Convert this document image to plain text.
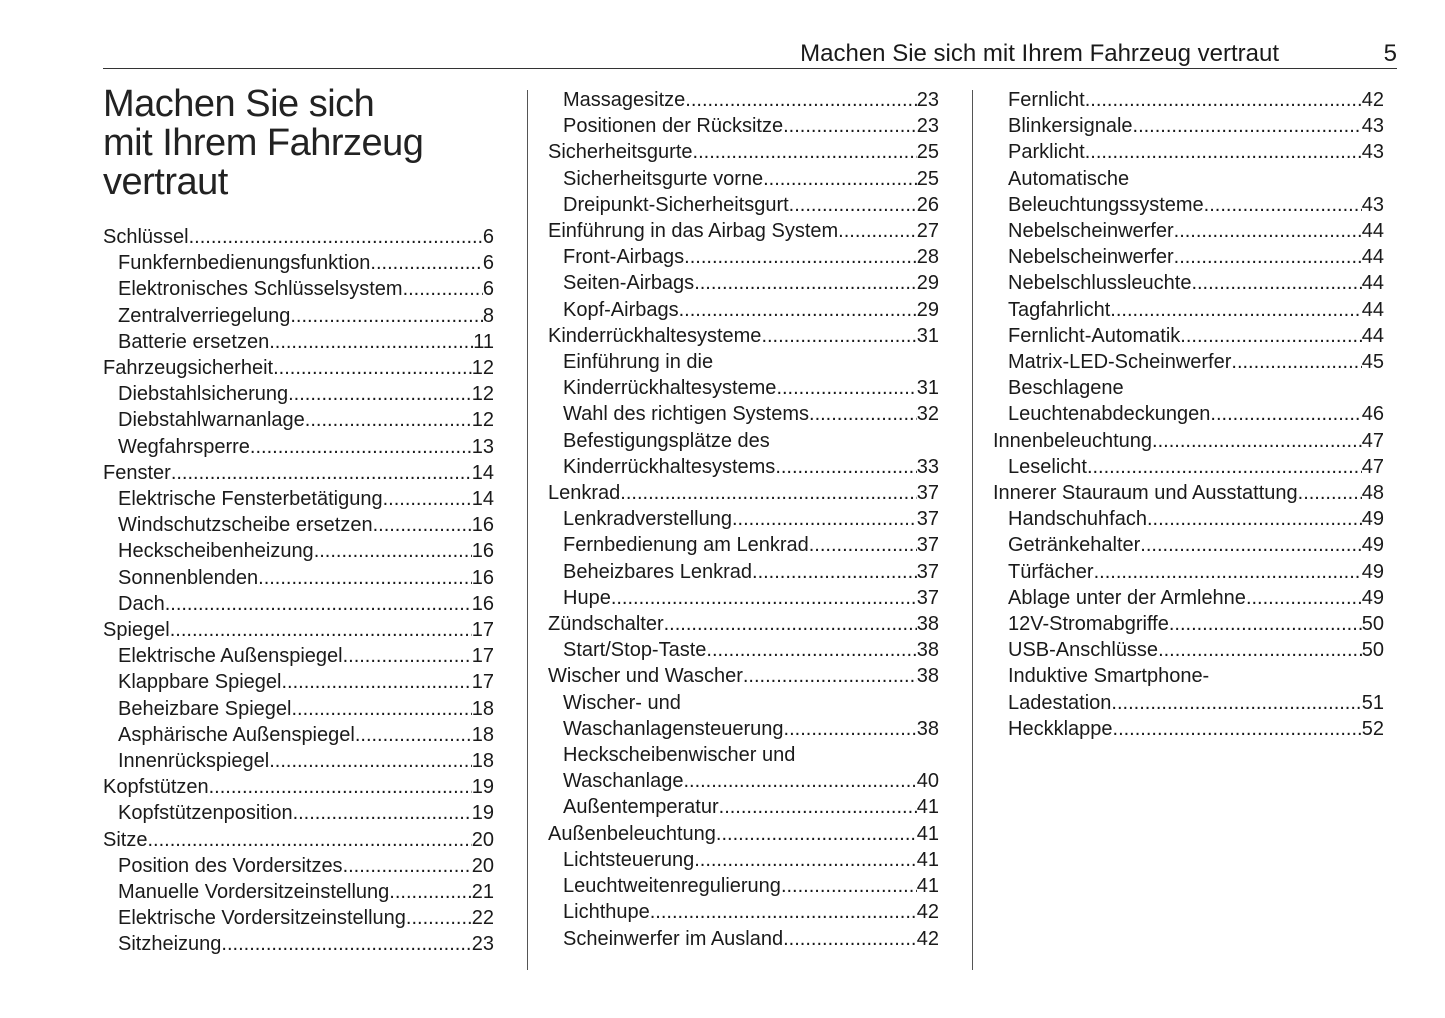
Machen Sie sich mit Ihrem Fahrzeug vertraut	5
Machen Sie sich
mit Ihrem Fahrzeug
vertraut
Schlüssel .....	6
Funkfernbedienungsfunktion .....	6
Elektronisches Schlüsselsystem .....	6
Zentralverriegelung .....	8
Batterie ersetzen .....	11
Fahrzeugsicherheit .....	12
Diebstahlsicherung .....	12
Diebstahlwarnanlage .....	12
Wegfahrsperre .....	13
Fenster .....	14
Elektrische Fensterbetätigung .....	14
Windschutzscheibe ersetzen .....	16
Heckscheibenheizung .....	16
Sonnenblenden .....	16
Dach .....	16
Spiegel .....	17
Elektrische Außenspiegel .....	17
Klappbare Spiegel .....	17
Beheizbare Spiegel .....	18
Asphärische Außenspiegel .....	18
Innenrückspiegel .....	18
Kopfstützen .....	19
Kopfstützenposition .....	19
Sitze .....	20
Position des Vordersitzes .....	20
Manuelle Vordersitzeinstellung .....	21
Elektrische Vordersitzeinstellung .....	22
Sitzheizung .....	23
Massagesitze .....	23
Positionen der Rücksitze .....	23
Sicherheitsgurte .....	25
Sicherheitsgurte vorne .....	25
Dreipunkt-Sicherheitsgurt .....	26
Einführung in das Airbag System .....	27
Front-Airbags .....	28
Seiten-Airbags .....	29
Kopf-Airbags .....	29
Kinderrückhaltesysteme .....	31
Einführung in die
Kinderrückhaltesysteme .....	31
Wahl des richtigen Systems .....	32
Befestigungsplätze des
Kinderrückhaltesystems .....	33
Lenkrad .....	37
Lenkradverstellung .....	37
Fernbedienung am Lenkrad .....	37
Beheizbares Lenkrad .....	37
Hupe .....	37
Zündschalter .....	38
Start/Stop-Taste .....	38
Wischer und Wascher .....	38
Wischer- und
Waschanlagensteuerung .....	38
Heckscheibenwischer und
Waschanlage .....	40
Außentemperatur .....	41
Außenbeleuchtung .....	41
Lichtsteuerung .....	41
Leuchtweitenregulierung .....	41
Lichthupe .....	42
Scheinwerfer im Ausland .....	42
Fernlicht .....	42
Blinkersignale .....	43
Parklicht .....	43
Automatische
Beleuchtungssysteme .....	43
Nebelscheinwerfer .....	44
Nebelscheinwerfer .....	44
Nebelschlussleuchte .....	44
Tagfahrlicht .....	44
Fernlicht-Automatik .....	44
Matrix-LED-Scheinwerfer .....	45
Beschlagene
Leuchtenabdeckungen .....	46
Innenbeleuchtung .....	47
Leselicht .....	47
Innerer Stauraum und Ausstattung .....	48
Handschuhfach .....	49
Getränkehalter .....	49
Türfächer .....	49
Ablage unter der Armlehne .....	49
12V-Stromabgriffe .....	50
USB-Anschlüsse .....	50
Induktive Smartphone-
Ladestation .....	51
Heckklappe .....	52
